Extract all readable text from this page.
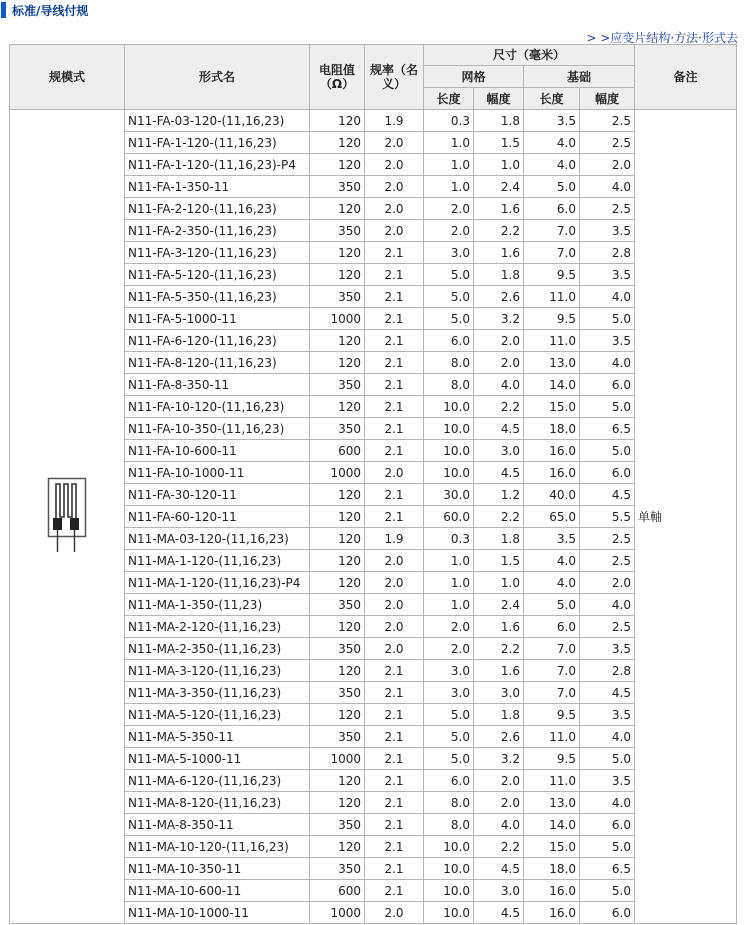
标准/导线付规
> >应变片结构·方法·形式去
规模式	形式名	电阻值（Ω）	规率（名义）	尺寸（毫米）				备注
				网格		基础		
				长度	幅度	长度	幅度	
	N11-FA-03-120-(11,16,23)	120	1.9	0.3	1.8	3.5	2.5	单軸
	N11-FA-1-120-(11,16,23)	120	2.0	1.0	1.5	4.0	2.5	
	N11-FA-1-120-(11,16,23)-P4	120	2.0	1.0	1.0	4.0	2.0	
	N11-FA-1-350-11	350	2.0	1.0	2.4	5.0	4.0	
	N11-FA-2-120-(11,16,23)	120	2.0	2.0	1.6	6.0	2.5	
	N11-FA-2-350-(11,16,23)	350	2.0	2.0	2.2	7.0	3.5	
	N11-FA-3-120-(11,16,23)	120	2.1	3.0	1.6	7.0	2.8	
	N11-FA-5-120-(11,16,23)	120	2.1	5.0	1.8	9.5	3.5	
	N11-FA-5-350-(11,16,23)	350	2.1	5.0	2.6	11.0	4.0	
	N11-FA-5-1000-11	1000	2.1	5.0	3.2	9.5	5.0	
	N11-FA-6-120-(11,16,23)	120	2.1	6.0	2.0	11.0	3.5	
	N11-FA-8-120-(11,16,23)	120	2.1	8.0	2.0	13.0	4.0	
	N11-FA-8-350-11	350	2.1	8.0	4.0	14.0	6.0	
	N11-FA-10-120-(11,16,23)	120	2.1	10.0	2.2	15.0	5.0	
	N11-FA-10-350-(11,16,23)	350	2.1	10.0	4.5	18.0	6.5	
	N11-FA-10-600-11	600	2.1	10.0	3.0	16.0	5.0	
	N11-FA-10-1000-11	1000	2.0	10.0	4.5	16.0	6.0	
	N11-FA-30-120-11	120	2.1	30.0	1.2	40.0	4.5	
	N11-FA-60-120-11	120	2.1	60.0	2.2	65.0	5.5	
	N11-MA-03-120-(11,16,23)	120	1.9	0.3	1.8	3.5	2.5	
	N11-MA-1-120-(11,16,23)	120	2.0	1.0	1.5	4.0	2.5	
	N11-MA-1-120-(11,16,23)-P4	120	2.0	1.0	1.0	4.0	2.0	
	N11-MA-1-350-(11,23)	350	2.0	1.0	2.4	5.0	4.0	
	N11-MA-2-120-(11,16,23)	120	2.0	2.0	1.6	6.0	2.5	
	N11-MA-2-350-(11,16,23)	350	2.0	2.0	2.2	7.0	3.5	
	N11-MA-3-120-(11,16,23)	120	2.1	3.0	1.6	7.0	2.8	
	N11-MA-3-350-(11,16,23)	350	2.1	3.0	3.0	7.0	4.5	
	N11-MA-5-120-(11,16,23)	120	2.1	5.0	1.8	9.5	3.5	
	N11-MA-5-350-11	350	2.1	5.0	2.6	11.0	4.0	
	N11-MA-5-1000-11	1000	2.1	5.0	3.2	9.5	5.0	
	N11-MA-6-120-(11,16,23)	120	2.1	6.0	2.0	11.0	3.5	
	N11-MA-8-120-(11,16,23)	120	2.1	8.0	2.0	13.0	4.0	
	N11-MA-8-350-11	350	2.1	8.0	4.0	14.0	6.0	
	N11-MA-10-120-(11,16,23)	120	2.1	10.0	2.2	15.0	5.0	
	N11-MA-10-350-11	350	2.1	10.0	4.5	18.0	6.5	
	N11-MA-10-600-11	600	2.1	10.0	3.0	16.0	5.0	
	N11-MA-10-1000-11	1000	2.0	10.0	4.5	16.0	6.0	
